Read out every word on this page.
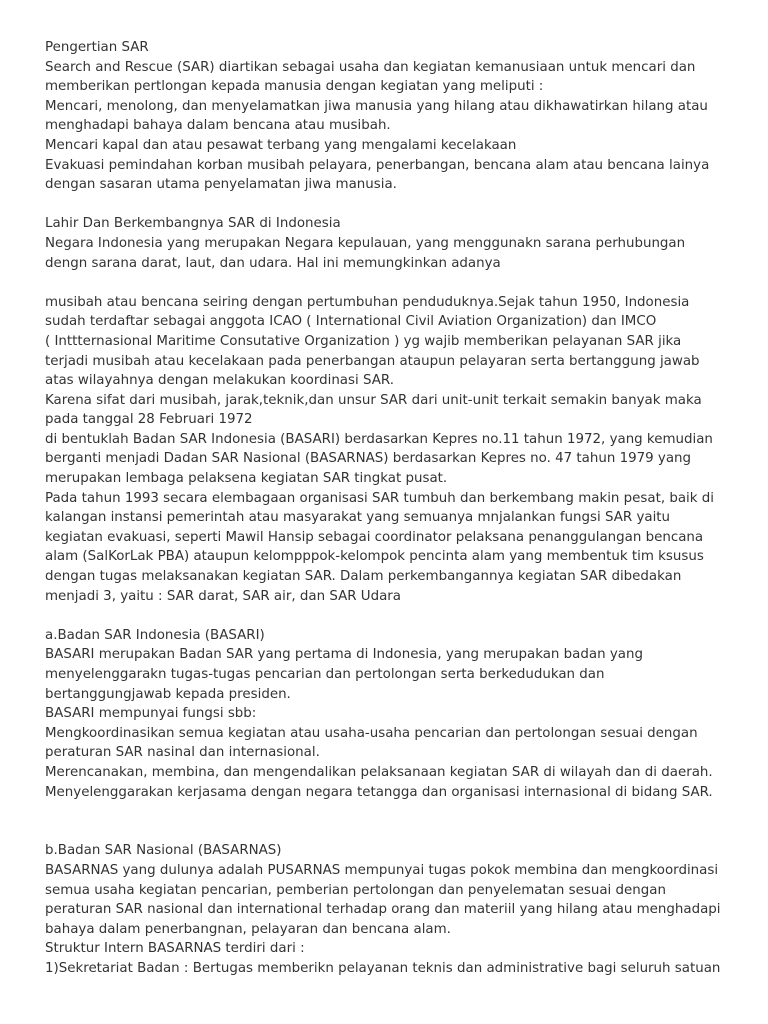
Pengertian SAR
Search and Rescue (SAR) diartikan sebagai usaha dan kegiatan kemanusiaan untuk mencari dan
memberikan pertlongan kepada manusia dengan kegiatan yang meliputi :
Mencari, menolong, dan menyelamatkan jiwa manusia yang hilang atau dikhawatirkan hilang atau
menghadapi bahaya dalam bencana atau musibah.
Mencari kapal dan atau pesawat terbang yang mengalami kecelakaan
Evakuasi pemindahan korban musibah pelayara, penerbangan, bencana alam atau bencana lainya
dengan sasaran utama penyelamatan jiwa manusia.
Lahir Dan Berkembangnya SAR di Indonesia
Negara Indonesia yang merupakan Negara kepulauan, yang menggunakn sarana perhubungan
dengn sarana darat, laut, dan udara. Hal ini memungkinkan adanya
musibah atau bencana seiring dengan pertumbuhan penduduknya.Sejak tahun 1950, Indonesia
sudah terdaftar sebagai anggota ICAO ( International Civil Aviation Organization) dan IMCO
( Inttternasional Maritime Consutative Organization ) yg wajib memberikan pelayanan SAR jika
terjadi musibah atau kecelakaan pada penerbangan ataupun pelayaran serta bertanggung jawab
atas wilayahnya dengan melakukan koordinasi SAR.
Karena sifat dari musibah, jarak,teknik,dan unsur SAR dari unit-unit terkait semakin banyak maka
pada tanggal 28 Februari 1972
di bentuklah Badan SAR Indonesia (BASARI) berdasarkan Kepres no.11 tahun 1972, yang kemudian
berganti menjadi Dadan SAR Nasional (BASARNAS) berdasarkan Kepres no. 47 tahun 1979 yang
merupakan lembaga pelaksena kegiatan SAR tingkat pusat.
Pada tahun 1993 secara elembagaan organisasi SAR tumbuh dan berkembang makin pesat, baik di
kalangan instansi pemerintah atau masyarakat yang semuanya mnjalankan fungsi SAR yaitu
kegiatan evakuasi, seperti Mawil Hansip sebagai coordinator pelaksana penanggulangan bencana
alam (SalKorLak PBA) ataupun kelompppok-kelompok pencinta alam yang membentuk tim ksusus
dengan tugas melaksanakan kegiatan SAR. Dalam perkembangannya kegiatan SAR dibedakan
menjadi 3, yaitu : SAR darat, SAR air, dan SAR Udara
a.Badan SAR Indonesia (BASARI)
BASARI merupakan Badan SAR yang pertama di Indonesia, yang merupakan badan yang
menyelenggarakn tugas-tugas pencarian dan pertolongan serta berkedudukan dan
bertanggungjawab kepada presiden.
BASARI mempunyai fungsi sbb:
Mengkoordinasikan semua kegiatan atau usaha-usaha pencarian dan pertolongan sesuai dengan
peraturan SAR nasinal dan internasional.
Merencanakan, membina, dan mengendalikan pelaksanaan kegiatan SAR di wilayah dan di daerah.
Menyelenggarakan kerjasama dengan negara tetangga dan organisasi internasional di bidang SAR.
b.Badan SAR Nasional (BASARNAS)
BASARNAS yang dulunya adalah PUSARNAS mempunyai tugas pokok membina dan mengkoordinasi
semua usaha kegiatan pencarian, pemberian pertolongan dan penyelematan sesuai dengan
peraturan SAR nasional dan international terhadap orang dan materiil yang hilang atau menghadapi
bahaya dalam penerbangnan, pelayaran dan bencana alam.
Struktur Intern BASARNAS terdiri dari :
1)Sekretariat Badan : Bertugas memberikn pelayanan teknis dan administrative bagi seluruh satuan
